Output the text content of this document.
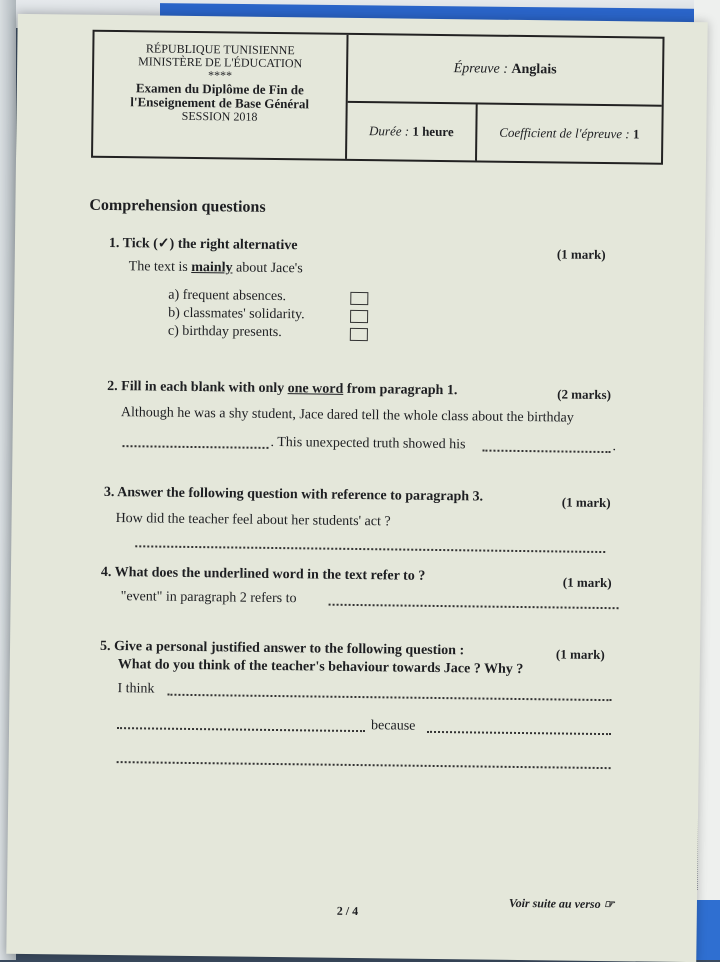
RÉPUBLIQUE TUNISIENNE
MINISTÈRE DE L'ÉDUCATION
****
Examen du Diplôme de Fin de
l'Enseignement de Base Général
SESSION 2018
Épreuve :
Anglais
Durée :
1 heure	Coefficient de l'épreuve :
1
Comprehension questions
1. Tick (✓) the right alternative
(1 mark)
The text is mainly about Jace's
a) frequent absences.
b) classmates' solidarity.
c) birthday presents.
2. Fill in each blank with only one word from paragraph 1.	(2 marks)
Although he was a shy student, Jace dared tell the whole class about the birthday
. This unexpected truth showed his	.
3. Answer the following question with reference to paragraph 3.	(1 mark)
How did the teacher feel about her students' act ?
4. What does the underlined word in the text refer to ?	(1 mark)
"event" in paragraph 2 refers to
5. Give a personal justified answer to the following question :	(1 mark)
What do you think of the teacher's behaviour towards Jace ? Why ?
I think
because
2 / 4	Voir suite au verso ☞
